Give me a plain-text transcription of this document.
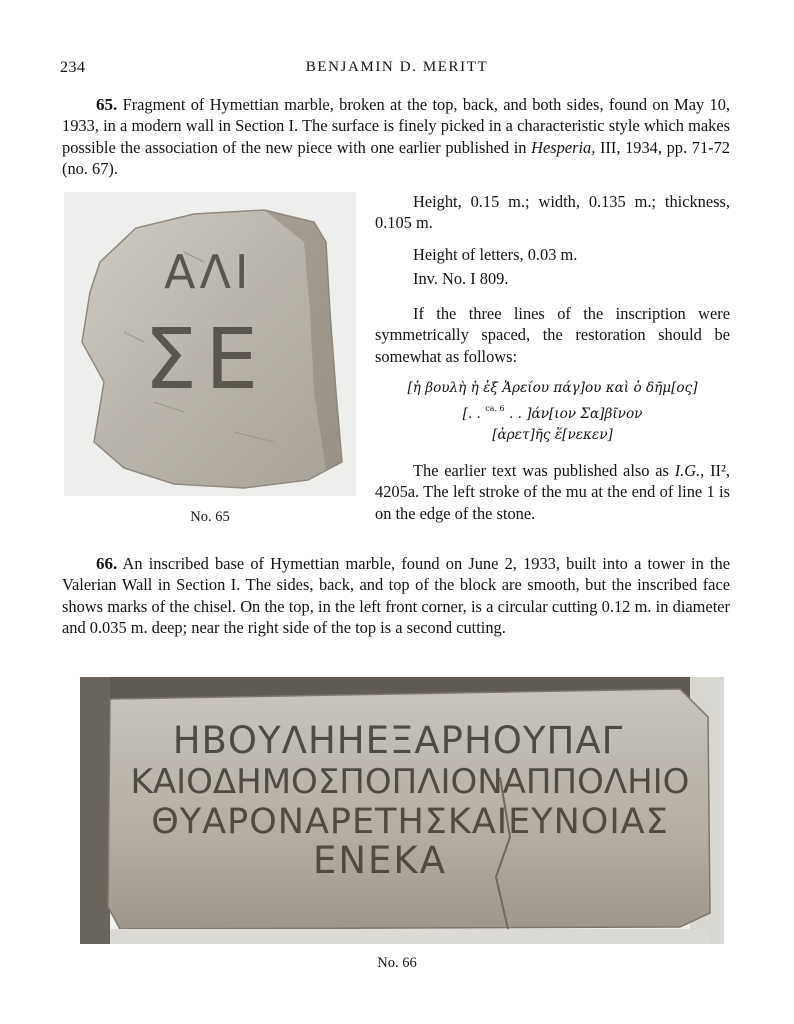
234	BENJAMIN D. MERITT

65. Fragment of Hymettian marble, broken at the top, back, and both sides, found on May 10, 1933, in a modern wall in Section I. The surface is finely picked in a characteristic style which makes possible the association of the new piece with one earlier published in Hesperia, III, 1934, pp. 71-72 (no. 67).

ΑΛΙ
ΣΕ
No. 65

Height, 0.15 m.; width, 0.135 m.; thickness, 0.105 m.

Height of letters, 0.03 m.

Inv. No. I 809.

If the three lines of the inscription were symmetrically spaced, the restoration should be somewhat as follows:

[ἡ βουλὴ ἡ ἐξ Ἀρείου πάγ]ου καὶ ὁ δῆμ[ος]
[. . $^{ca. 6}$ . . ]άν[ιον Σα]βῖνον
[ἀρετ]ῆς ἕ[νεκεν]

The earlier text was published also as I.G., II², 4205a. The left stroke of the mu at the end of line 1 is on the edge of the stone.

66. An inscribed base of Hymettian marble, found on June 2, 1933, built into a tower in the Valerian Wall in Section I. The sides, back, and top of the block are smooth, but the inscribed face shows marks of the chisel. On the top, in the left front corner, is a circular cutting 0.12 m. in diameter and 0.035 m. deep; near the right side of the top is a second cutting.

ΗΒΟΥΛΗΗΕΞΑΡΗΟΥΠΑΓ
ΚΑΙΟΔΗΜΟΣΠΟΠΛΙΟΝΑΠΠΟΛΗΙΟ
ΘΥΑΡΟΝΑΡΕΤΗΣΚΑΙΕΥΝΟΙΑΣ
ΕΝΕΚΑ
No. 66
